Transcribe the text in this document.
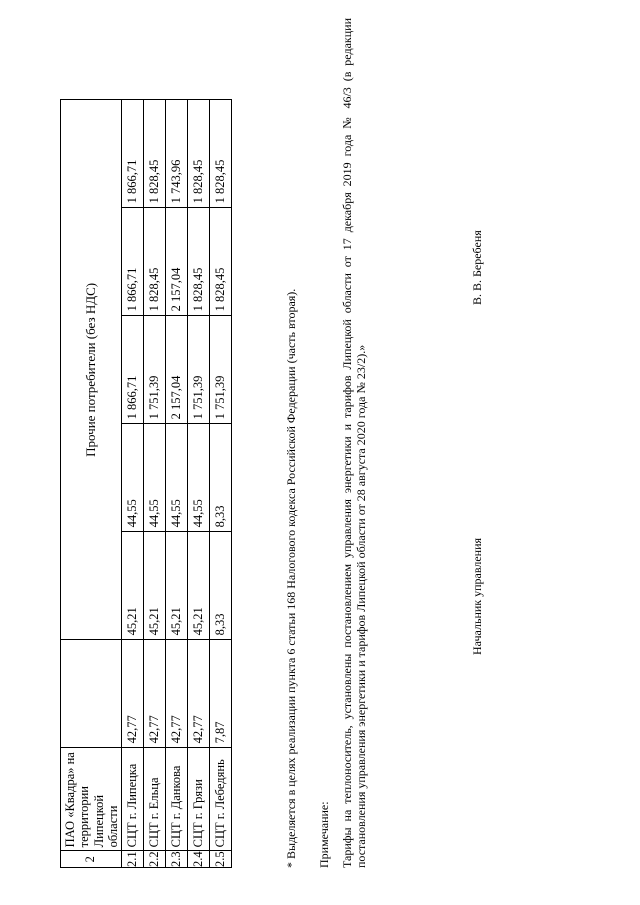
2	ПАО «Квадра» на территории Липецкой области		Прочие потребители (без НДС)				
2.1	СЦТ г. Липецка	42,77	45,21	44,55	1 866,71	1 866,71	1 866,71
2.2	СЦТ г. Ельца	42,77	45,21	44,55	1 751,39	1 828,45	1 828,45
2.3	СЦТ г. Данкова	42,77	45,21	44,55	2 157,04	2 157,04	1 743,96
2.4	СЦТ г. Грязи	42,77	45,21	44,55	1 751,39	1 828,45	1 828,45
2.5	СЦТ г. Лебедянь	7,87	8,33	8,33	1 751,39	1 828,45	1 828,45

* Выделяется в целях реализации пункта 6 статьи 168 Налогового кодекса Российской Федерации (часть вторая). Примечание: Тарифы на теплоноситель, установлены постановлением управления энергетики и тарифов Липецкой области от 17 декабря 2019 года № 46/3 (в редакции постановления управления энергетики и тарифов Липецкой области от 28 августа 2020 года № 23/2).»	Начальник управления

В. В. Беребеня
